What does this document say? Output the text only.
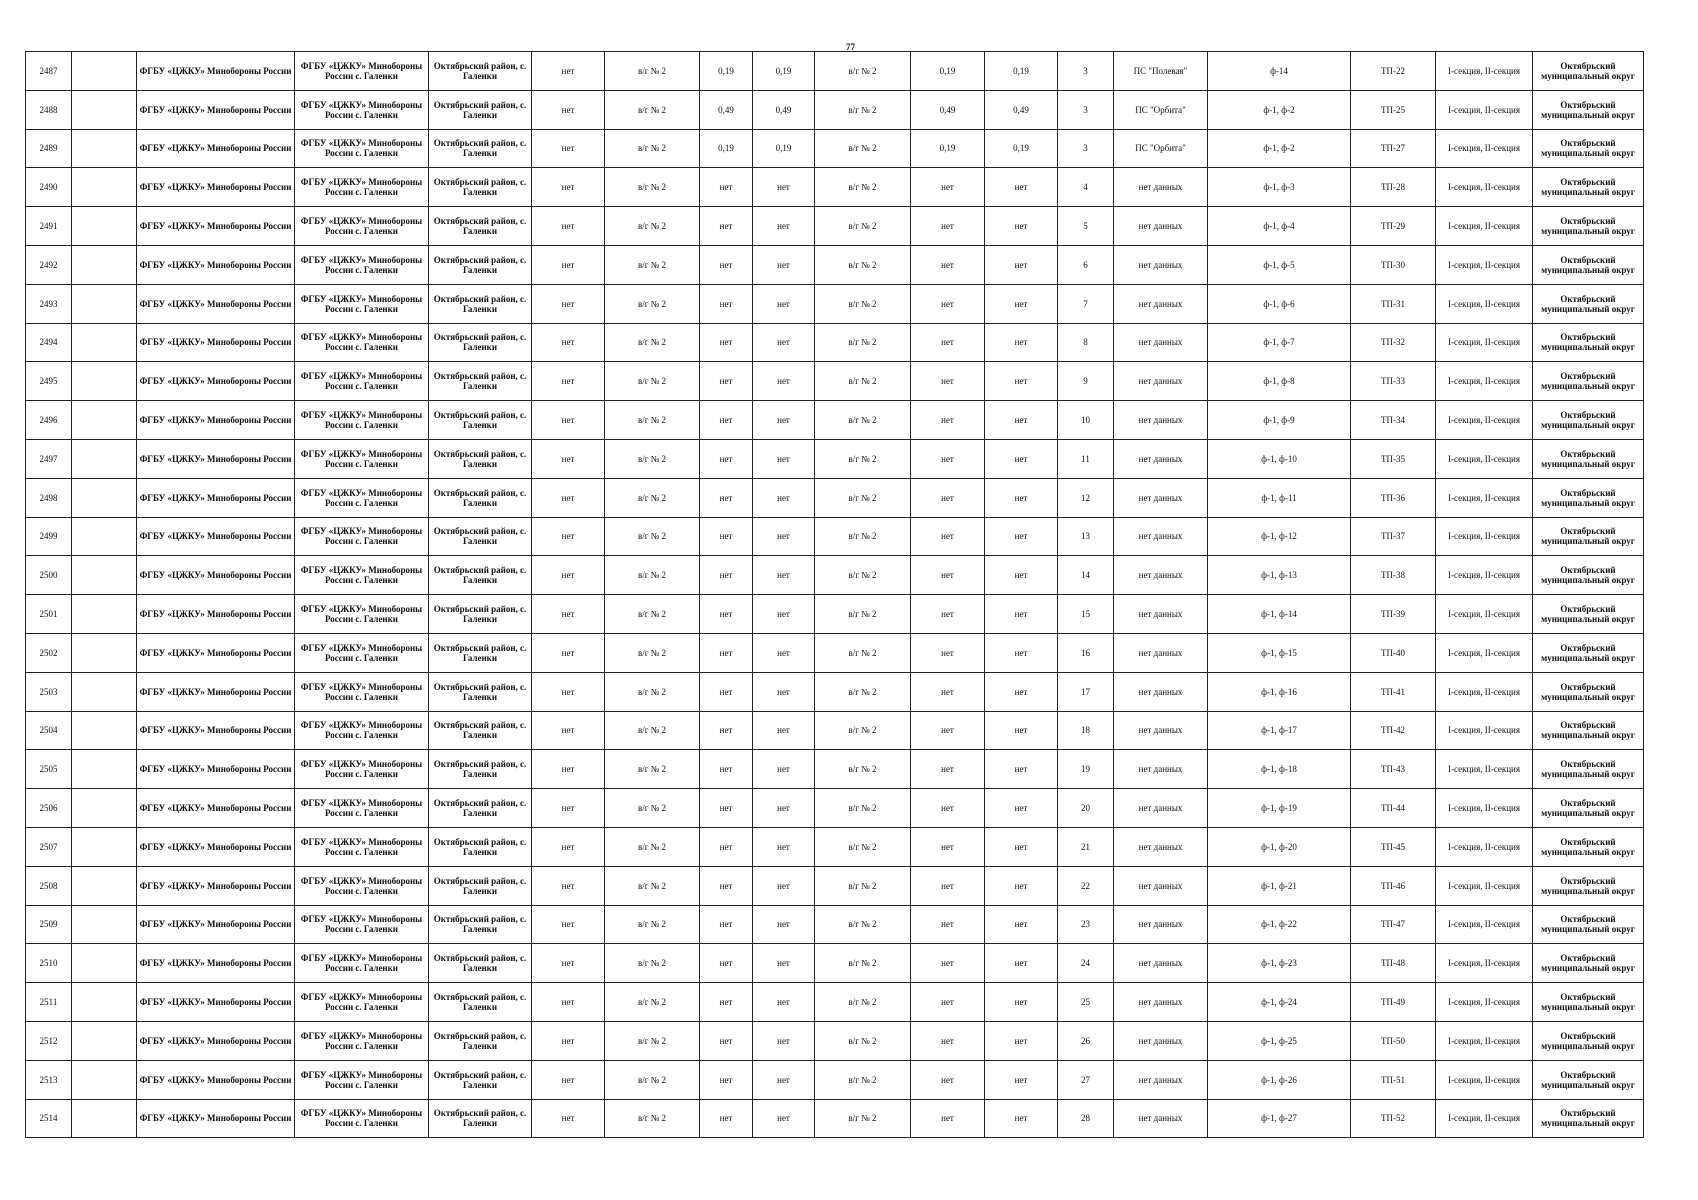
77
2487		ФГБУ «ЦЖКУ» Минобороны России	ФГБУ «ЦЖКУ» Минобороны России с. Галенки	Октябрьский район, с. Галенки	нет	в/г № 2	0,19	0,19	в/г № 2	0,19	0,19	3	ПС "Полевая"	ф-14	ТП-22	I-секция, II-секция	Октябрьский муниципальный округ
2488		ФГБУ «ЦЖКУ» Минобороны России	ФГБУ «ЦЖКУ» Минобороны России с. Галенки	Октябрьский район, с. Галенки	нет	в/г № 2	0,49	0,49	в/г № 2	0,49	0,49	3	ПС "Орбита"	ф-1, ф-2	ТП-25	I-секция, II-секция	Октябрьский муниципальный округ
2489		ФГБУ «ЦЖКУ» Минобороны России	ФГБУ «ЦЖКУ» Минобороны России с. Галенки	Октябрьский район, с. Галенки	нет	в/г № 2	0,19	0,19	в/г № 2	0,19	0,19	3	ПС "Орбита"	ф-1, ф-2	ТП-27	I-секция, II-секция	Октябрьский муниципальный округ
2490		ФГБУ «ЦЖКУ» Минобороны России	ФГБУ «ЦЖКУ» Минобороны России с. Галенки	Октябрьский район, с. Галенки	нет	в/г № 2	нет	нет	в/г № 2	нет	нет	4	нет данных	ф-1, ф-3	ТП-28	I-секция, II-секция	Октябрьский муниципальный округ
2491		ФГБУ «ЦЖКУ» Минобороны России	ФГБУ «ЦЖКУ» Минобороны России с. Галенки	Октябрьский район, с. Галенки	нет	в/г № 2	нет	нет	в/г № 2	нет	нет	5	нет данных	ф-1, ф-4	ТП-29	I-секция, II-секция	Октябрьский муниципальный округ
2492		ФГБУ «ЦЖКУ» Минобороны России	ФГБУ «ЦЖКУ» Минобороны России с. Галенки	Октябрьский район, с. Галенки	нет	в/г № 2	нет	нет	в/г № 2	нет	нет	6	нет данных	ф-1, ф-5	ТП-30	I-секция, II-секция	Октябрьский муниципальный округ
2493		ФГБУ «ЦЖКУ» Минобороны России	ФГБУ «ЦЖКУ» Минобороны России с. Галенки	Октябрьский район, с. Галенки	нет	в/г № 2	нет	нет	в/г № 2	нет	нет	7	нет данных	ф-1, ф-6	ТП-31	I-секция, II-секция	Октябрьский муниципальный округ
2494		ФГБУ «ЦЖКУ» Минобороны России	ФГБУ «ЦЖКУ» Минобороны России с. Галенки	Октябрьский район, с. Галенки	нет	в/г № 2	нет	нет	в/г № 2	нет	нет	8	нет данных	ф-1, ф-7	ТП-32	I-секция, II-секция	Октябрьский муниципальный округ
2495		ФГБУ «ЦЖКУ» Минобороны России	ФГБУ «ЦЖКУ» Минобороны России с. Галенки	Октябрьский район, с. Галенки	нет	в/г № 2	нет	нет	в/г № 2	нет	нет	9	нет данных	ф-1, ф-8	ТП-33	I-секция, II-секция	Октябрьский муниципальный округ
2496		ФГБУ «ЦЖКУ» Минобороны России	ФГБУ «ЦЖКУ» Минобороны России с. Галенки	Октябрьский район, с. Галенки	нет	в/г № 2	нет	нет	в/г № 2	нет	нет	10	нет данных	ф-1, ф-9	ТП-34	I-секция, II-секция	Октябрьский муниципальный округ
2497		ФГБУ «ЦЖКУ» Минобороны России	ФГБУ «ЦЖКУ» Минобороны России с. Галенки	Октябрьский район, с. Галенки	нет	в/г № 2	нет	нет	в/г № 2	нет	нет	11	нет данных	ф-1, ф-10	ТП-35	I-секция, II-секция	Октябрьский муниципальный округ
2498		ФГБУ «ЦЖКУ» Минобороны России	ФГБУ «ЦЖКУ» Минобороны России с. Галенки	Октябрьский район, с. Галенки	нет	в/г № 2	нет	нет	в/г № 2	нет	нет	12	нет данных	ф-1, ф-11	ТП-36	I-секция, II-секция	Октябрьский муниципальный округ
2499		ФГБУ «ЦЖКУ» Минобороны России	ФГБУ «ЦЖКУ» Минобороны России с. Галенки	Октябрьский район, с. Галенки	нет	в/г № 2	нет	нет	в/г № 2	нет	нет	13	нет данных	ф-1, ф-12	ТП-37	I-секция, II-секция	Октябрьский муниципальный округ
2500		ФГБУ «ЦЖКУ» Минобороны России	ФГБУ «ЦЖКУ» Минобороны России с. Галенки	Октябрьский район, с. Галенки	нет	в/г № 2	нет	нет	в/г № 2	нет	нет	14	нет данных	ф-1, ф-13	ТП-38	I-секция, II-секция	Октябрьский муниципальный округ
2501		ФГБУ «ЦЖКУ» Минобороны России	ФГБУ «ЦЖКУ» Минобороны России с. Галенки	Октябрьский район, с. Галенки	нет	в/г № 2	нет	нет	в/г № 2	нет	нет	15	нет данных	ф-1, ф-14	ТП-39	I-секция, II-секция	Октябрьский муниципальный округ
2502		ФГБУ «ЦЖКУ» Минобороны России	ФГБУ «ЦЖКУ» Минобороны России с. Галенки	Октябрьский район, с. Галенки	нет	в/г № 2	нет	нет	в/г № 2	нет	нет	16	нет данных	ф-1, ф-15	ТП-40	I-секция, II-секция	Октябрьский муниципальный округ
2503		ФГБУ «ЦЖКУ» Минобороны России	ФГБУ «ЦЖКУ» Минобороны России с. Галенки	Октябрьский район, с. Галенки	нет	в/г № 2	нет	нет	в/г № 2	нет	нет	17	нет данных	ф-1, ф-16	ТП-41	I-секция, II-секция	Октябрьский муниципальный округ
2504		ФГБУ «ЦЖКУ» Минобороны России	ФГБУ «ЦЖКУ» Минобороны России с. Галенки	Октябрьский район, с. Галенки	нет	в/г № 2	нет	нет	в/г № 2	нет	нет	18	нет данных	ф-1, ф-17	ТП-42	I-секция, II-секция	Октябрьский муниципальный округ
2505		ФГБУ «ЦЖКУ» Минобороны России	ФГБУ «ЦЖКУ» Минобороны России с. Галенки	Октябрьский район, с. Галенки	нет	в/г № 2	нет	нет	в/г № 2	нет	нет	19	нет данных	ф-1, ф-18	ТП-43	I-секция, II-секция	Октябрьский муниципальный округ
2506		ФГБУ «ЦЖКУ» Минобороны России	ФГБУ «ЦЖКУ» Минобороны России с. Галенки	Октябрьский район, с. Галенки	нет	в/г № 2	нет	нет	в/г № 2	нет	нет	20	нет данных	ф-1, ф-19	ТП-44	I-секция, II-секция	Октябрьский муниципальный округ
2507		ФГБУ «ЦЖКУ» Минобороны России	ФГБУ «ЦЖКУ» Минобороны России с. Галенки	Октябрьский район, с. Галенки	нет	в/г № 2	нет	нет	в/г № 2	нет	нет	21	нет данных	ф-1, ф-20	ТП-45	I-секция, II-секция	Октябрьский муниципальный округ
2508		ФГБУ «ЦЖКУ» Минобороны России	ФГБУ «ЦЖКУ» Минобороны России с. Галенки	Октябрьский район, с. Галенки	нет	в/г № 2	нет	нет	в/г № 2	нет	нет	22	нет данных	ф-1, ф-21	ТП-46	I-секция, II-секция	Октябрьский муниципальный округ
2509		ФГБУ «ЦЖКУ» Минобороны России	ФГБУ «ЦЖКУ» Минобороны России с. Галенки	Октябрьский район, с. Галенки	нет	в/г № 2	нет	нет	в/г № 2	нет	нет	23	нет данных	ф-1, ф-22	ТП-47	I-секция, II-секция	Октябрьский муниципальный округ
2510		ФГБУ «ЦЖКУ» Минобороны России	ФГБУ «ЦЖКУ» Минобороны России с. Галенки	Октябрьский район, с. Галенки	нет	в/г № 2	нет	нет	в/г № 2	нет	нет	24	нет данных	ф-1, ф-23	ТП-48	I-секция, II-секция	Октябрьский муниципальный округ
2511		ФГБУ «ЦЖКУ» Минобороны России	ФГБУ «ЦЖКУ» Минобороны России с. Галенки	Октябрьский район, с. Галенки	нет	в/г № 2	нет	нет	в/г № 2	нет	нет	25	нет данных	ф-1, ф-24	ТП-49	I-секция, II-секция	Октябрьский муниципальный округ
2512		ФГБУ «ЦЖКУ» Минобороны России	ФГБУ «ЦЖКУ» Минобороны России с. Галенки	Октябрьский район, с. Галенки	нет	в/г № 2	нет	нет	в/г № 2	нет	нет	26	нет данных	ф-1, ф-25	ТП-50	I-секция, II-секция	Октябрьский муниципальный округ
2513		ФГБУ «ЦЖКУ» Минобороны России	ФГБУ «ЦЖКУ» Минобороны России с. Галенки	Октябрьский район, с. Галенки	нет	в/г № 2	нет	нет	в/г № 2	нет	нет	27	нет данных	ф-1, ф-26	ТП-51	I-секция, II-секция	Октябрьский муниципальный округ
2514		ФГБУ «ЦЖКУ» Минобороны России	ФГБУ «ЦЖКУ» Минобороны России с. Галенки	Октябрьский район, с. Галенки	нет	в/г № 2	нет	нет	в/г № 2	нет	нет	28	нет данных	ф-1, ф-27	ТП-52	I-секция, II-секция	Октябрьский муниципальный округ
